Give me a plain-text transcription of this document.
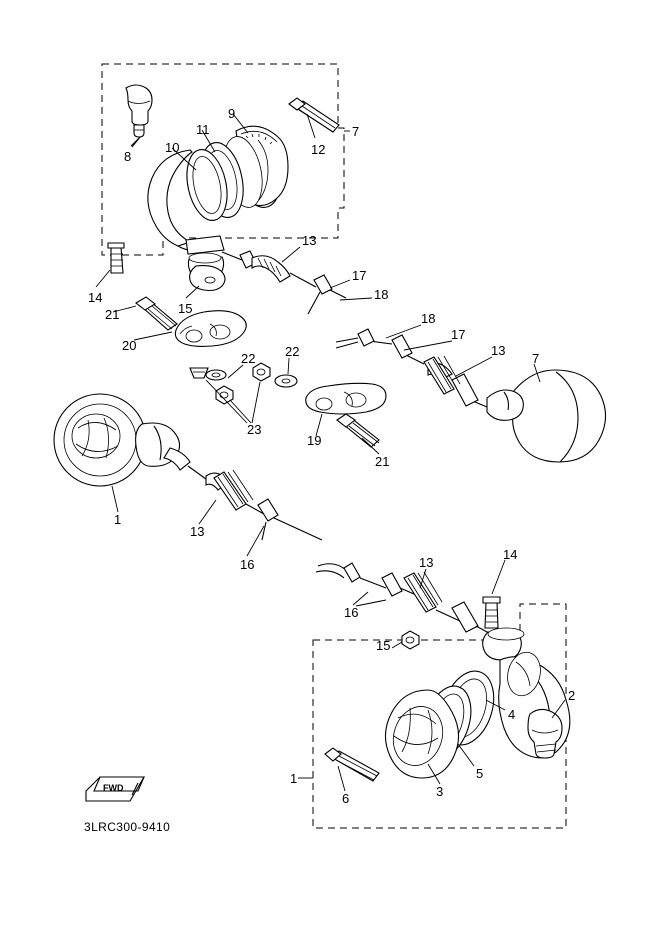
8
9
10
11
12
7
14
15
13
17
18
21
20
22 22
23
18
17
13
7
19
21
1
13
16	13
14
16
15
2
4
5
3
1
6
FWD
3LRC300-9410
